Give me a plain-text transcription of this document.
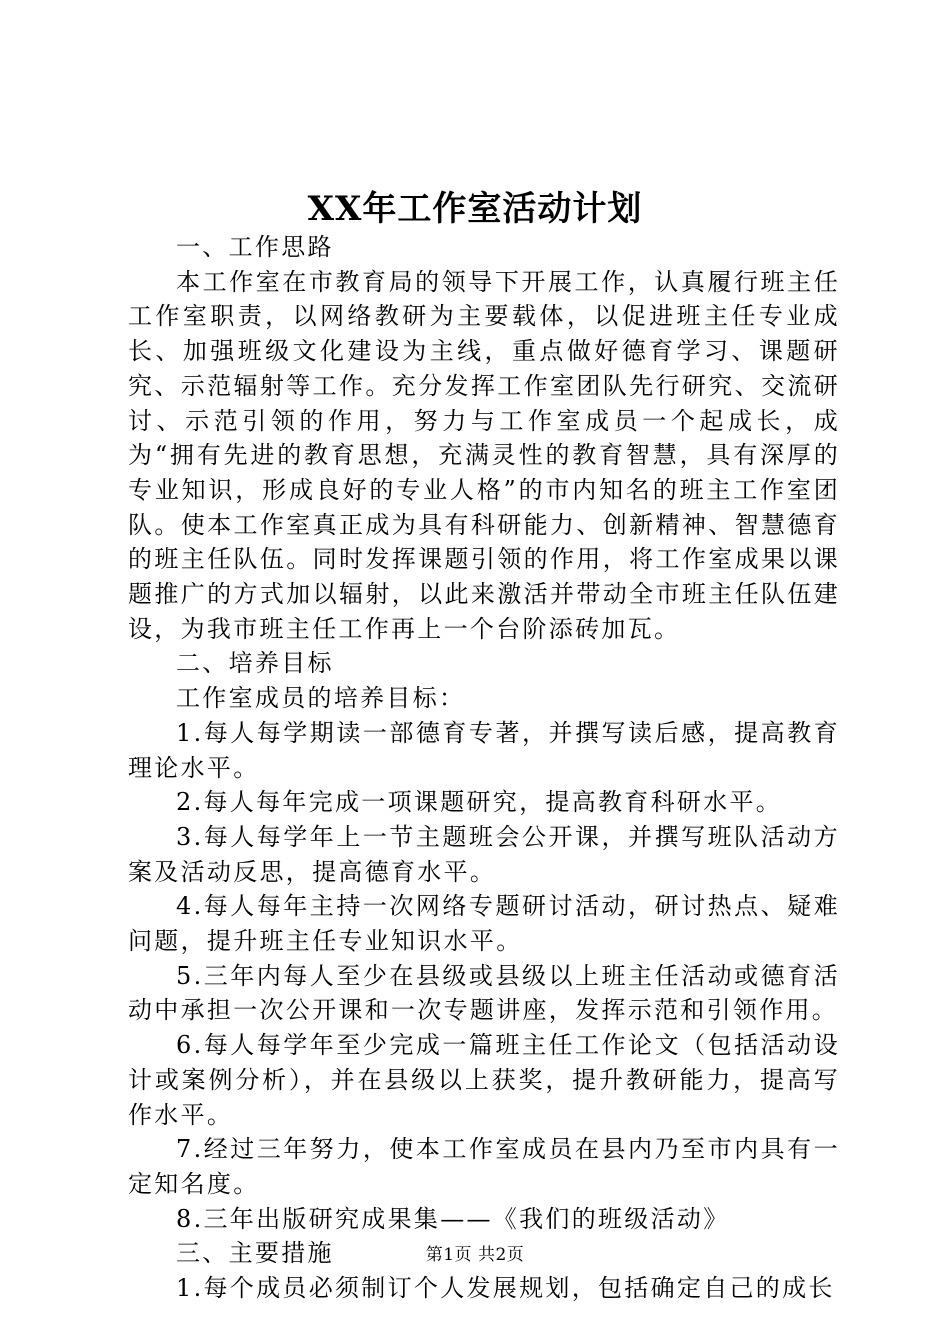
XX年工作室活动计划

一、工作思路

本工作室在市教育局的领导下开展工作，认真履行班主任工作室职责，以网络教研为主要载体，以促进班主任专业成长、加强班级文化建设为主线，重点做好德育学习、课题研究、示范辐射等工作。充分发挥工作室团队先行研究、交流研讨、示范引领的作用，努力与工作室成员一个起成长，成为“拥有先进的教育思想，充满灵性的教育智慧，具有深厚的专业知识，形成良好的专业人格”的市内知名的班主工作室团队。使本工作室真正成为具有科研能力、创新精神、智慧德育的班主任队伍。同时发挥课题引领的作用，将工作室成果以课题推广的方式加以辐射，以此来激活并带动全市班主任队伍建设，为我市班主任工作再上一个台阶添砖加瓦。

二、培养目标

工作室成员的培养目标：

1.每人每学期读一部德育专著，并撰写读后感，提高教育理论水平。

2.每人每年完成一项课题研究，提高教育科研水平。

3.每人每学年上一节主题班会公开课，并撰写班队活动方案及活动反思，提高德育水平。

4.每人每年主持一次网络专题研讨活动，研讨热点、疑难问题，提升班主任专业知识水平。

5.三年内每人至少在县级或县级以上班主任活动或德育活动中承担一次公开课和一次专题讲座，发挥示范和引领作用。

6.每人每学年至少完成一篇班主任工作论文（包括活动设计或案例分析），并在县级以上获奖，提升教研能力，提高写作水平。

7.经过三年努力，使本工作室成员在县内乃至市内具有一定知名度。

8.三年出版研究成果集——《我们的班级活动》

三、主要措施

1.每个成员必须制订个人发展规划，包括确定自己的成长

第1页 共2页
